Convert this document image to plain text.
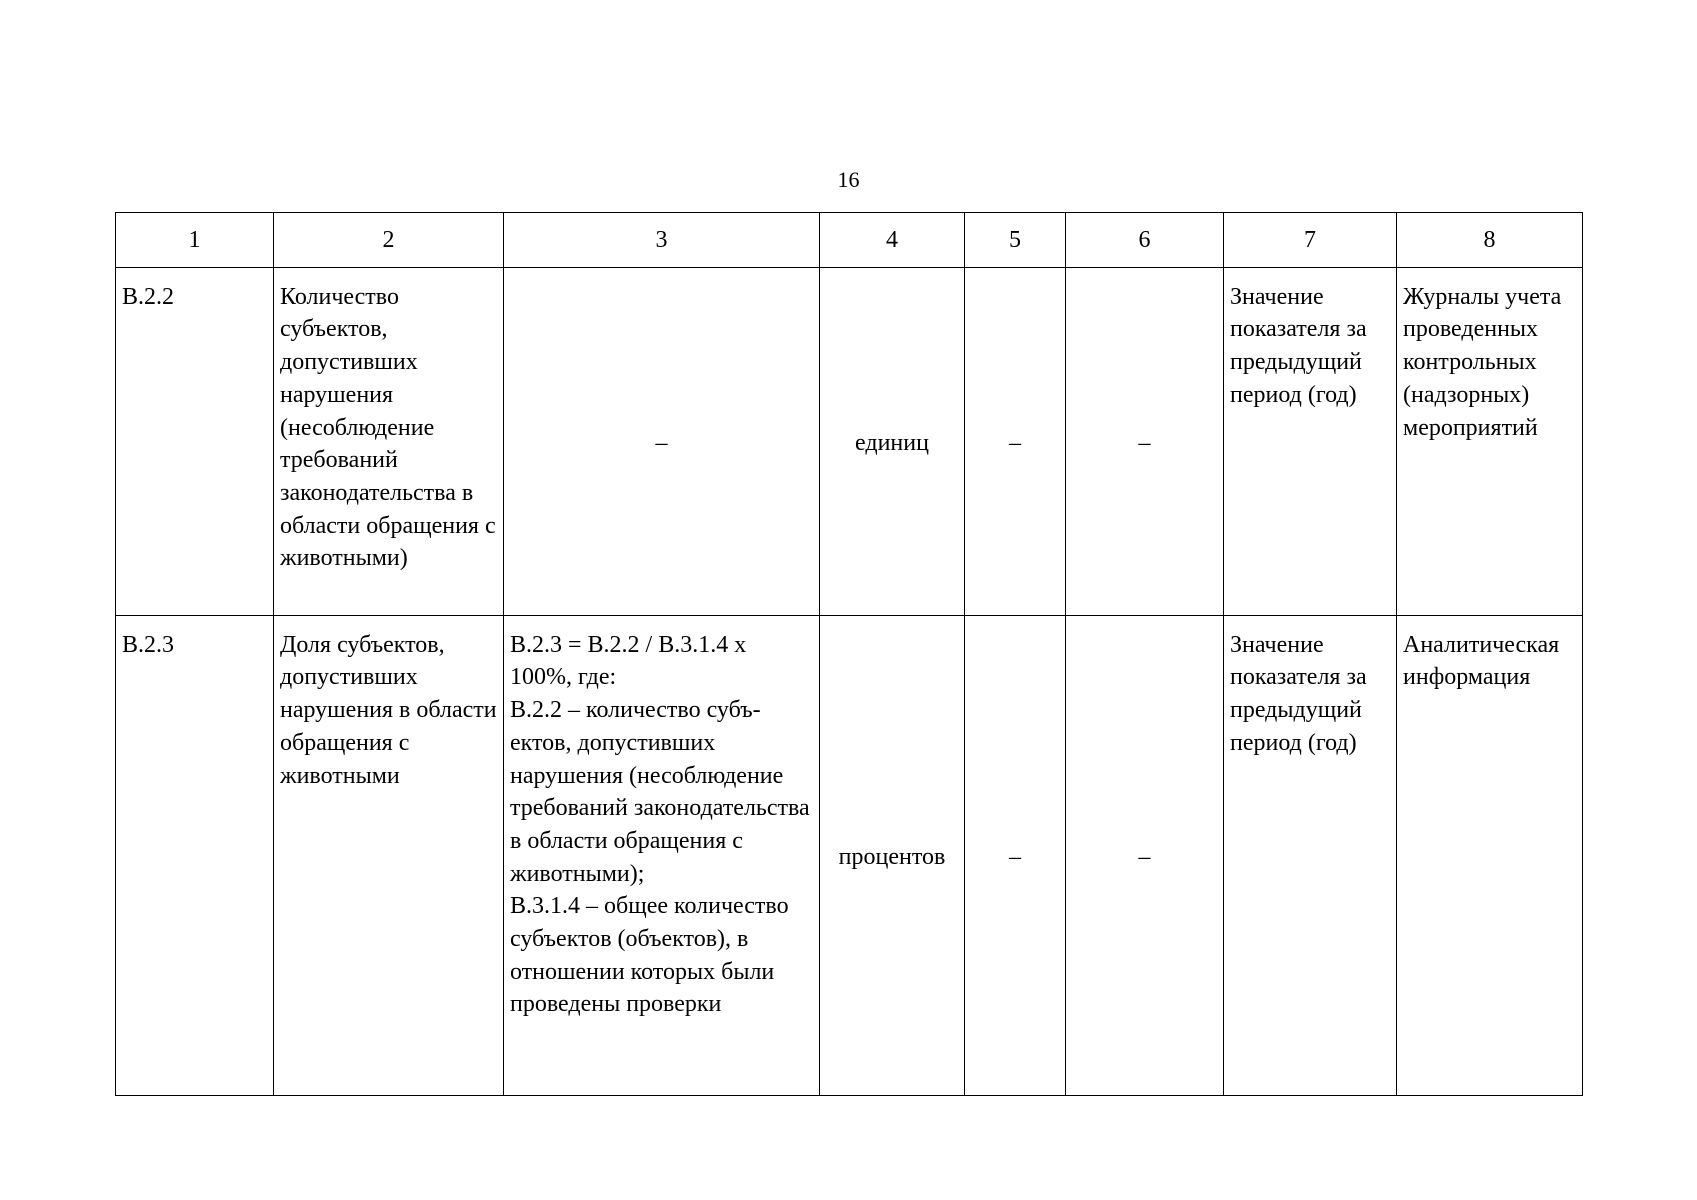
16
1	2	3	4	5	6	7	8
В.2.2	Количество субъектов, допустивших нарушения (несоблюдение требований законодательства в области обращения с животными)	–	единиц	–	–	Значение показателя за предыдущий период (год)	Журналы учета проведенных контрольных (надзорных) мероприятий
В.2.3	Доля субъектов, допустивших нарушения в области обращения с животными	В.2.3 = В.2.2 / В.3.1.4 х 100%, где:
В.2.2 – количество субъектов, допустивших нарушения (несоблюдение требований законодательства в области обращения с животными);
В.3.1.4 – общее количество субъектов (объектов), в отношении которых были проведены проверки	процентов	–	–	Значение показателя за предыдущий период (год)	Аналитическая информация
